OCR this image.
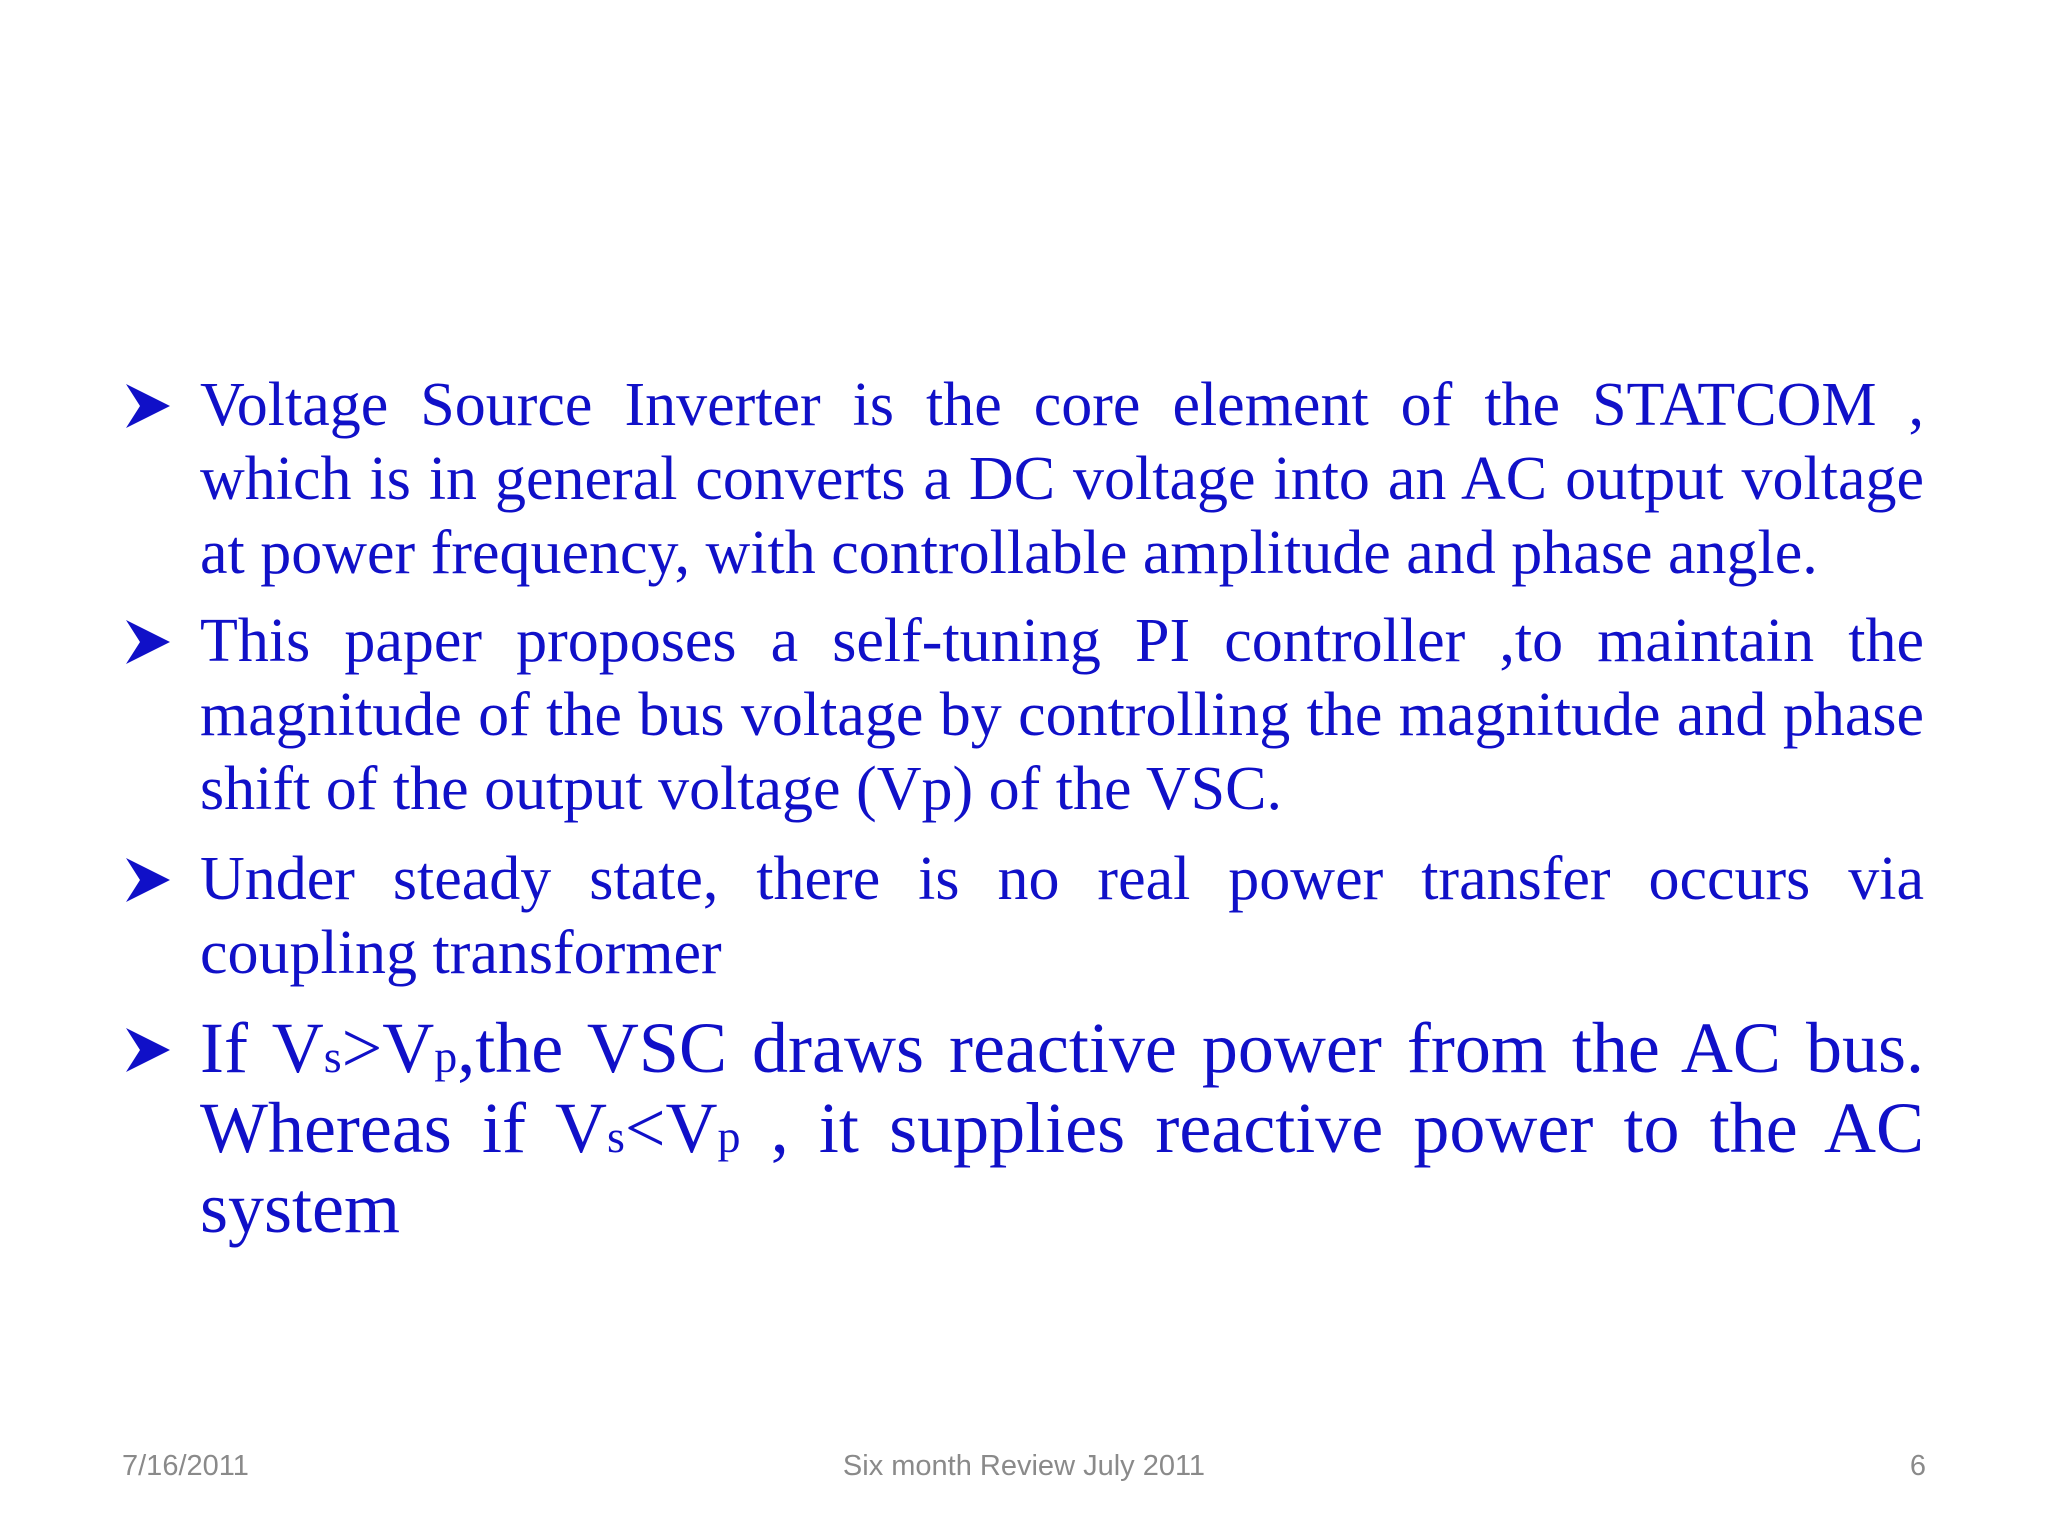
Voltage Source Inverter is the core element of the STATCOM , which is in general converts a DC voltage into an AC output voltage at power frequency, with controllable amplitude and phase angle.
This paper proposes a self-tuning PI controller ,to maintain the magnitude of the bus voltage by controlling the magnitude and phase shift of the output voltage (Vp) of the VSC.
Under steady state, there is no real power transfer occurs via coupling transformer
If Vs>Vp,the VSC draws reactive power from the AC bus. Whereas if Vs<Vp , it supplies reactive power to the AC system
7/16/2011	Six month Review July 2011	6
